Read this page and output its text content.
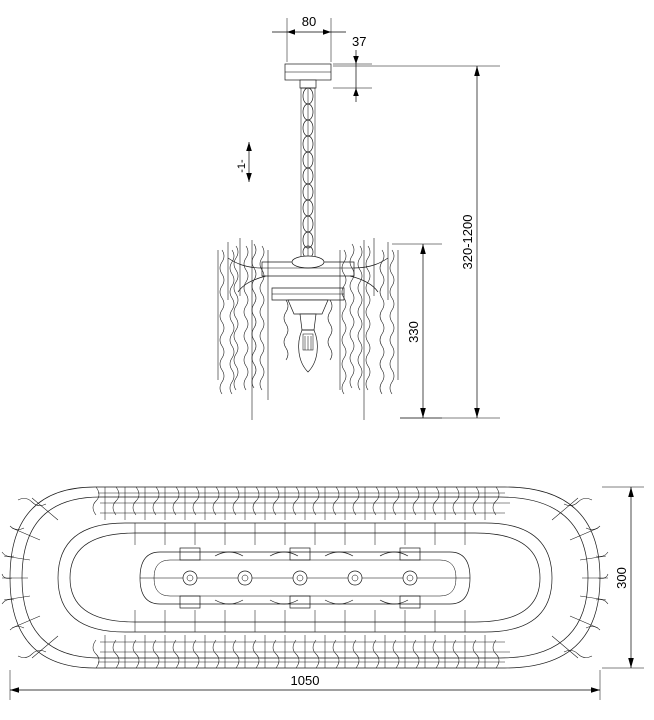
80
37
320-1200
330
-1-
300
1050
